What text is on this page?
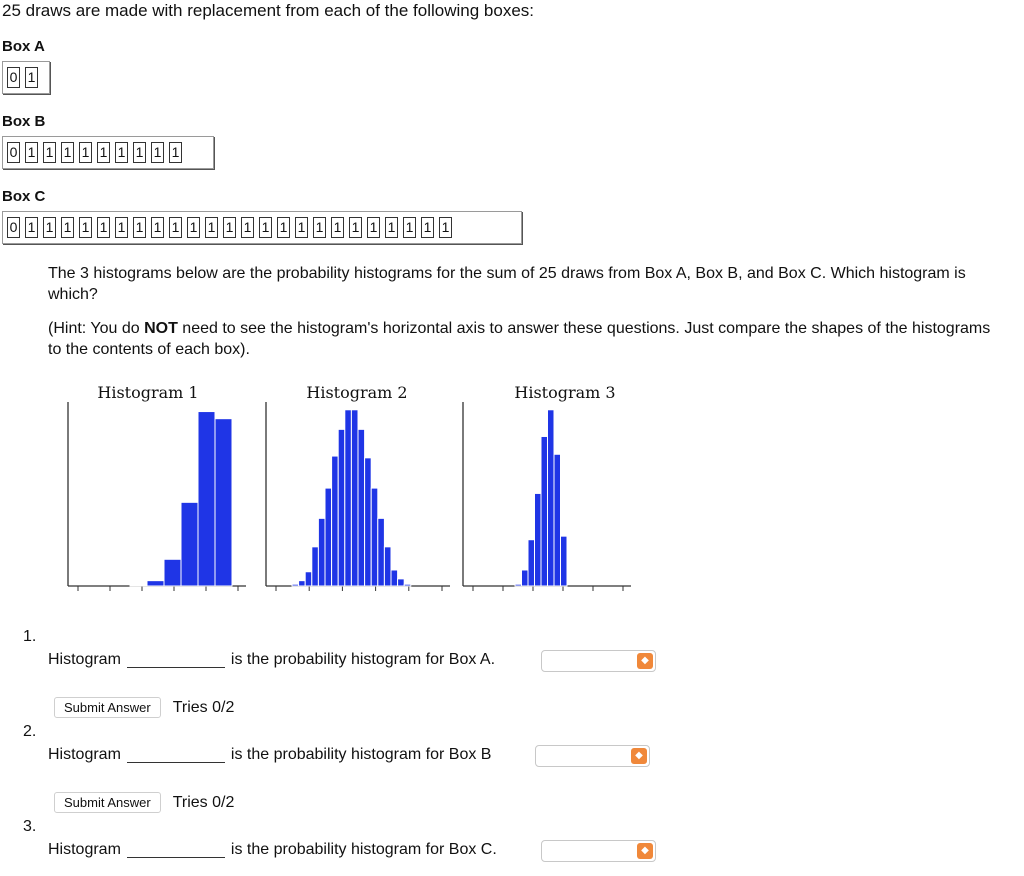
25 draws are made with replacement from each of the following boxes:
Box A
0 1
Box B
0 1 1 1 1 1 1 1 1 1
Box C
0 1 1 1 1 1 1 1 1 1 1 1 1 1 1 1 1 1 1 1 1 1 1 1 1
The 3 histograms below are the probability histograms for the sum of 25 draws from Box A, Box B, and Box C. Which histogram is which?
(Hint: You do NOT need to see the histogram's horizontal axis to answer these questions. Just compare the shapes of the histograms to the contents of each box).
Histogram 1	Histogram 2	Histogram 3
1.
Histogram	is the probability histogram for Box A.	◆
Submit Answer	Tries 0/2
2.
Histogram	is the probability histogram for Box B	◆
Submit Answer	Tries 0/2
3.
Histogram	is the probability histogram for Box C.	◆
